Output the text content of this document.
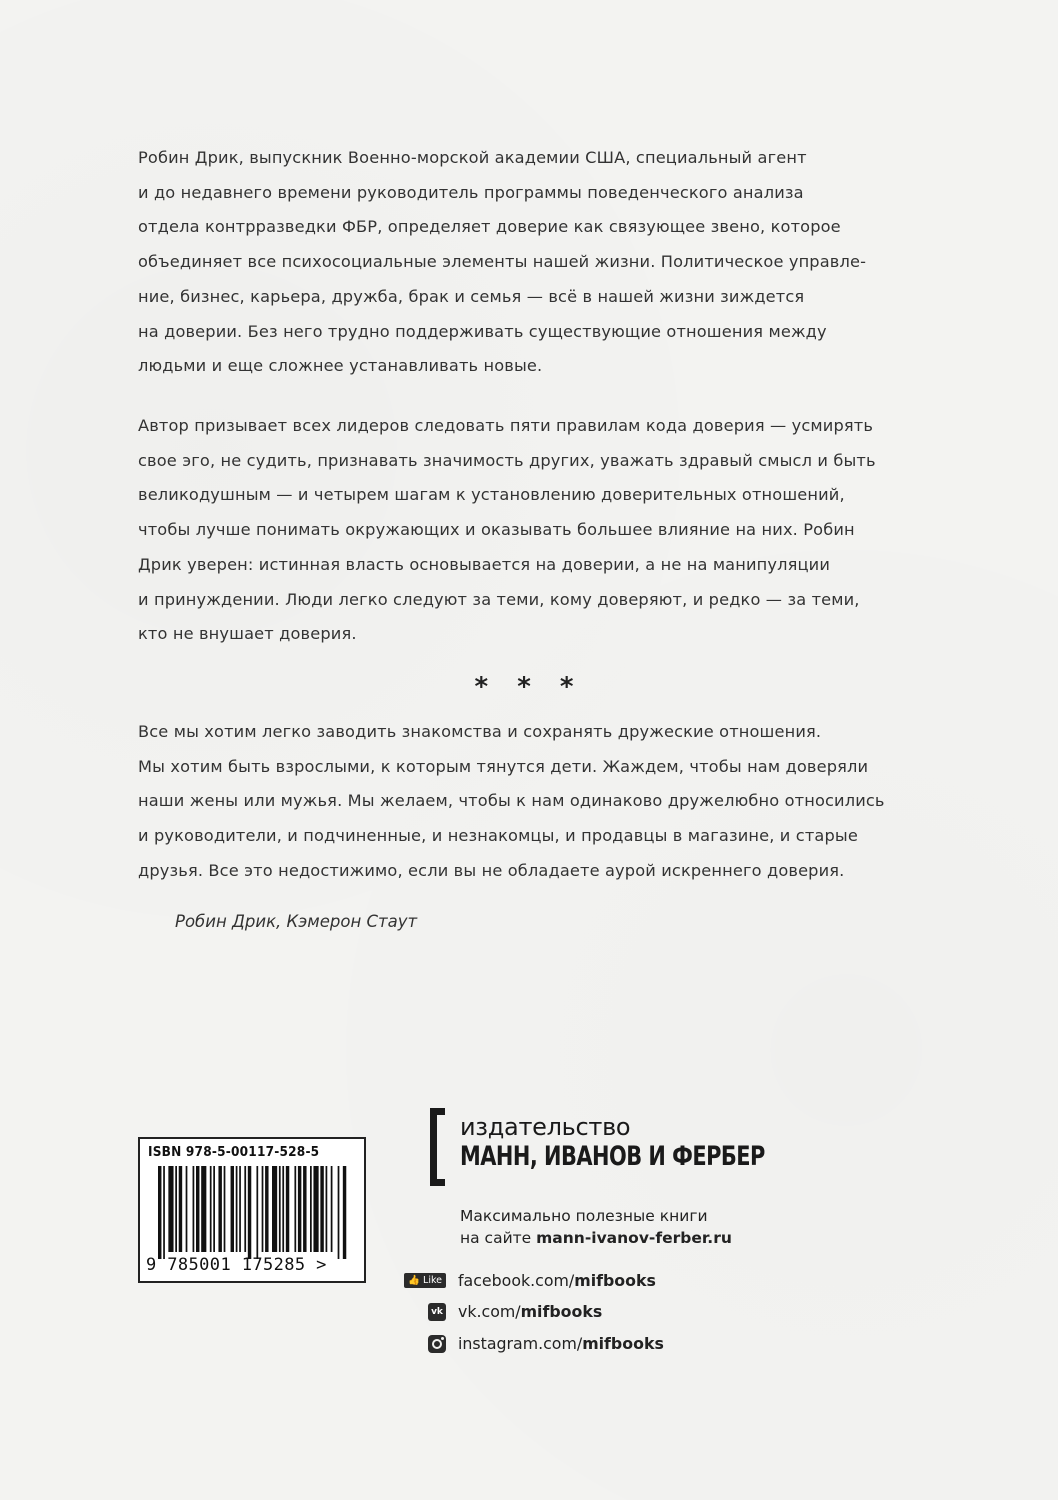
Робин Дрик, выпускник Военно-морской академии США, специальный агент
и до недавнего времени руководитель программы поведенческого анализа
отдела контрразведки ФБР, определяет доверие как связующее звено, которое
объединяет все психосоциальные элементы нашей жизни. Политическое управле-
ние, бизнес, карьера, дружба, брак и семья — всё в нашей жизни зиждется
на доверии. Без него трудно поддерживать существующие отношения между
людьми и еще сложнее устанавливать новые.
Автор призывает всех лидеров следовать пяти правилам кода доверия — усмирять
свое эго, не судить, признавать значимость других, уважать здравый смысл и быть
великодушным — и четырем шагам к установлению доверительных отношений,
чтобы лучше понимать окружающих и оказывать большее влияние на них. Робин
Дрик уверен: истинная власть основывается на доверии, а не на манипуляции
и принуждении. Люди легко следуют за теми, кому доверяют, и редко — за теми,
кто не внушает доверия.
* * *
Все мы хотим легко заводить знакомства и сохранять дружеские отношения.
Мы хотим быть взрослыми, к которым тянутся дети. Жаждем, чтобы нам доверяли
наши жены или мужья. Мы желаем, чтобы к нам одинаково дружелюбно относились
и руководители, и подчиненные, и незнакомцы, и продавцы в магазине, и старые
друзья. Все это недостижимо, если вы не обладаете аурой искреннего доверия.
Робин Дрик, Кэмерон Стаут
ISBN 978-5-00117-528-5
9 785001 175285 >
издательство
МАНН, ИВАНОВ И ФЕРБЕР
Максимально полезные книги
на сайте mann-ivanov-ferber.ru
👍 Like facebook.com/mifbooks
vk vk.com/mifbooks
instagram.com/mifbooks
